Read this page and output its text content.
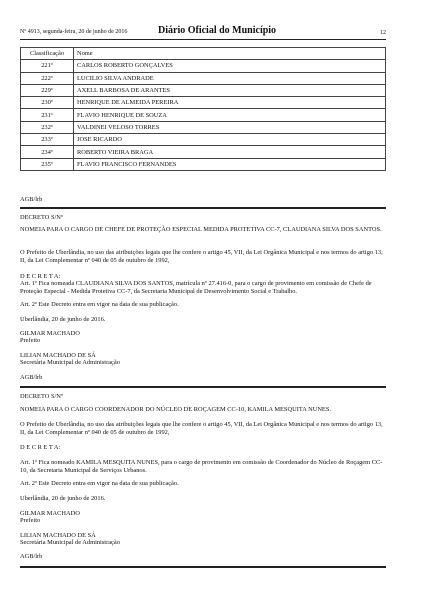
Nº 4913, segunda-feira, 20 de junho de 2016	Diário Oficial do Município	12
Classificação	Nome
221º	CARLOS ROBERTO GONÇALVES
222º	LUCILIO SILVA ANDRADE
229º	AXELL BARBOSA DE ARANTES
230º	HENRIQUE DE ALMEIDA PEREIRA
231º	FLAVIO HENRIQUE DE SOUZA
232º	VALDINEI VELOSO TORRES
233º	JOSE RICARDO
234º	ROBERTO VIEIRA BRAGA
235º	FLAVIO FRANCISCO FERNANDES
AGB/lrb
DECRETO S/Nº
NOMEIA PARA O CARGO DE CHEFE DE PROTEÇÃO ESPECIAL MEDIDA PROTETIVA CC-7, CLAUDIANA SILVA DOS SANTOS.
O Prefeito de Uberlândia, no uso das atribuições legais que lhe confere o artigo 45, VII, da Lei Orgânica Municipal e nos termos do artigo 13, II, da Lei Complementar nº 040 de 05 de outubro de 1992,
D E C R E T A:
Art. 1º Fica nomeada CLAUDIANA SILVA DOS SANTOS, matrícula nº 27.416-0, para o cargo de provimento em comissão de Chefe de Proteção Especial - Medida Protetiva CC-7, da Secretaria Municipal de Desenvolvimento Social e Trabalho.
Art. 2º Este Decreto entra em vigor na data de sua publicação.
Uberlândia, 20 de junho de 2016.
GILMAR MACHADO
Prefeito
LILIAN MACHADO DE SÁ
Secretária Municipal de Administração
AGB/lrb
DECRETO S/Nº
NOMEIA PARA O CARGO COORDENADOR DO NÚCLEO DE ROÇAGEM CC-10, KAMILA MESQUITA NUNES.
O Prefeito de Uberlândia, no uso das atribuições legais que lhe confere o artigo 45, VII, da Lei Orgânica Municipal e nos termos do artigo 13, II, da Lei Complementar nº 040 de 05 de outubro de 1992,
D E C R E T A:
Art. 1º Fica nomeado KAMILA MESQUITA NUNES, para o cargo de provimento em comissão de Coordenador do Núcleo de Roçagem CC-10, da Secretaria Municipal de Serviços Urbanos.
Art. 2º Este Decreto entra em vigor na data de sua publicação.
Uberlândia, 20 de junho de 2016.
GILMAR MACHADO
Prefeito
LILIAN MACHADO DE SÁ
Secretária Municipal de Administração
AGB/lrb
